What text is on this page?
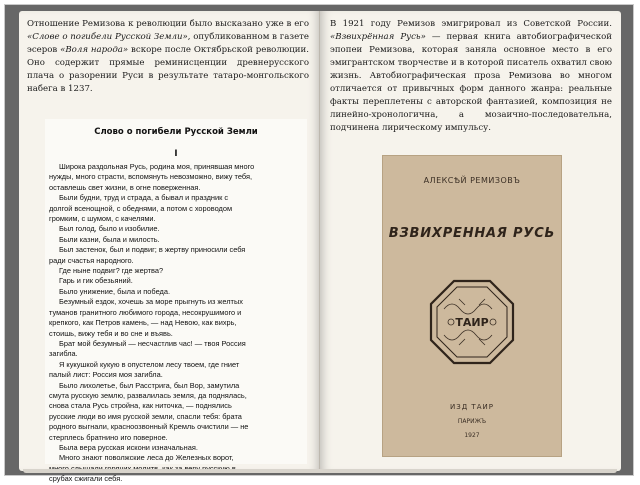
Отношение Ремизова к революции было высказано уже в его «Слове о погибели Русской Земли», опубликованном в газете эсеров «Воля народа» вскоре после Октябрьской революции. Оно содержит прямые реминисценции древнерусского плача о разорении Руси в результате татаро-монгольского набега в 1237.
Слово о погибели Русской Земли
I
Широка раздольная Русь, родина моя, принявшая много
нужды, много страсти, вспомянуть невозможно, вижу тебя,
оставлешь свет жизни, в огне поверженная.
Были будни, труд и страда, а бывал и праздник с
долгой всенощной, с обеднями, а потом с хороводом
громким, с шумом, с качелями.
Был голод, было и изобилие.
Были казни, была и милость.
Был застенок, был и подвиг; в жертву приносили себя
ради счастья народного.
Где ныне подвиг? где жертва?
Гарь и гик обезьяний.
Было унижение, была и победа.
Безумный ездок, хочешь за море прыгнуть из желтых
туманов гранитного любимого города, несокрушимого и
крепкого, как Петров камень, — над Невою, как вихрь,
стоишь, вижу тебя и во сне и въявь.
Брат мой безумный — несчастлив час! — твоя Россия
загибла.
Я кукушкой кукую в опустелом лесу твоем, где гниет
палый лист: Россия моя загибла.
Было лихолетье, был Расстрига, был Вор, замутила
смута русскую землю, развалилась земля, да поднялась,
снова стала Русь стройна, как ниточка, — поднялись
русские люди во имя русской земли, спасли тебя: брата
родного выгнали, красноозвонный Кремль очистили — не
стерплесь братнино иго поверное.
Была вера русская искони изначальная.
Много знают поволжские леса до Железных ворот,
срубах сжигали себя.
В 1921 году Ремизов эмигрировал из Советской России. «Взвихрённая Русь» — первая книга автобиографической эпопеи Ремизова, которая заняла основное место в его эмигрантском творчестве и в которой писатель охватил свою жизнь. Автобиографическая проза Ремизова во многом отличается от привычных форм данного жанра: реальные факты переплетены с авторской фантазией, композиция не линейно-хронологична, а мозаично-последовательна, подчинена лирическому импульсу.
АЛЕКСѢЙ РЕМИЗОВЪ
ВЗВИХРЕННАЯ РУСЬ
ТАИР
ИЗД ТАИР
ПАРИЖЪ
1927
